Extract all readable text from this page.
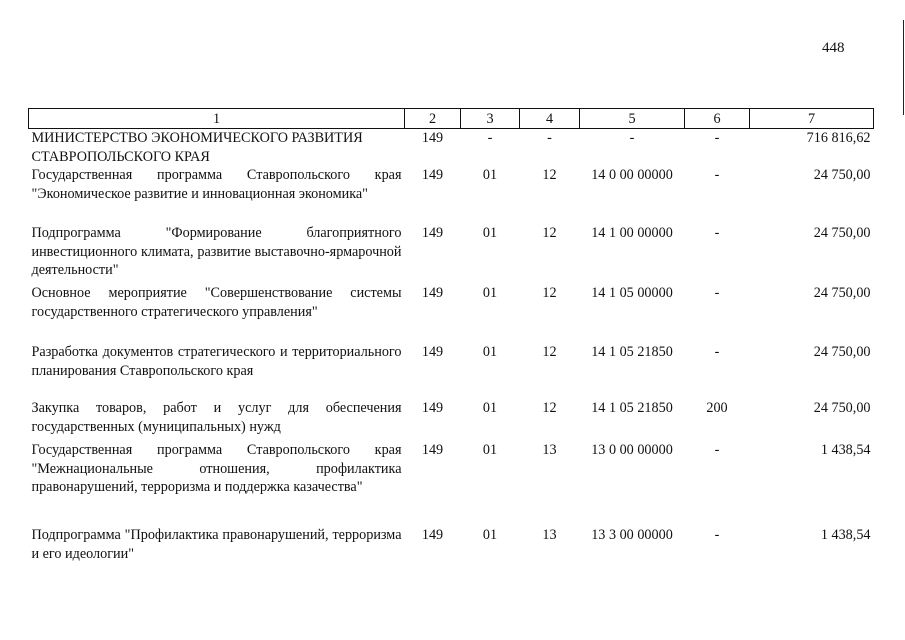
448
1	2	3	4	5	6	7
МИНИСТЕРСТВО ЭКОНОМИЧЕСКОГО РАЗВИТИЯ СТАВРОПОЛЬСКОГО КРАЯ	149	-	-	-	-	716 816,62
Государственная программа Ставропольского края "Экономическое развитие и инновационная экономика"	149	01	12	14 0 00 00000	-	24 750,00
Подпрограмма "Формирование благоприятного инвестиционного климата, развитие выставочно-ярмарочной деятельности"	149	01	12	14 1 00 00000	-	24 750,00
Основное мероприятие "Совершенствование системы государственного стратегического управления"	149	01	12	14 1 05 00000	-	24 750,00
Разработка документов стратегического и территориального планирования Ставропольского края	149	01	12	14 1 05 21850	-	24 750,00
Закупка товаров, работ и услуг для обеспечения государственных (муниципальных) нужд	149	01	12	14 1 05 21850	200	24 750,00
Государственная программа Ставропольского края "Межнациональные отношения, профилактика правонарушений, терроризма и поддержка казачества"	149	01	13	13 0 00 00000	-	1 438,54
Подпрограмма "Профилактика правонарушений, терроризма и его идеологии"	149	01	13	13 3 00 00000	-	1 438,54
